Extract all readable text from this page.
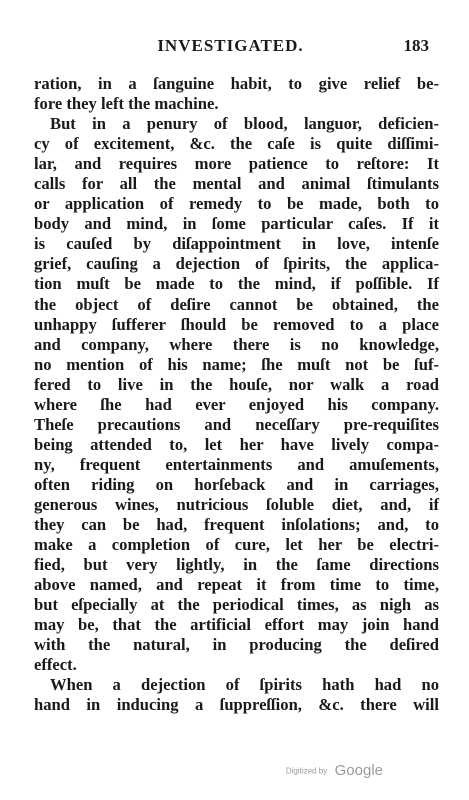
INVESTIGATED.	183
ration, in a ſanguine habit, to give relief be-
fore they left the machine.
But in a penury of blood, languor, deficien-
cy of excitement, &c. the caſe is quite diſſimi-
lar, and requires more patience to reſtore: It
calls for all the mental and animal ſtimulants
or application of remedy to be made, both to
body and mind, in ſome particular caſes. If it
is cauſed by diſappointment in love, intenſe
grief, cauſing a dejection of ſpirits, the applica-
tion muſt be made to the mind, if poſſible. If
the object of deſire cannot be obtained, the
unhappy ſufferer ſhould be removed to a place
and company, where there is no knowledge,
no mention of his name; ſhe muſt not be ſuf-
fered to live in the houſe, nor walk a road
where ſhe had ever enjoyed his company.
Theſe precautions and neceſſary pre-requiſites
being attended to, let her have lively compa-
ny, frequent entertainments and amuſements,
often riding on horſeback and in carriages,
generous wines, nutricious ſoluble diet, and, if
they can be had, frequent inſolations; and, to
make a completion of cure, let her be electri-
fied, but very lightly, in the ſame directions
above named, and repeat it from time to time,
but eſpecially at the periodical times, as nigh as
may be, that the artificial effort may join hand
with the natural, in producing the deſired
effect.
When a dejection of ſpirits hath had no
hand in inducing a ſuppreſſion, &c. there will
Digitized by Google
